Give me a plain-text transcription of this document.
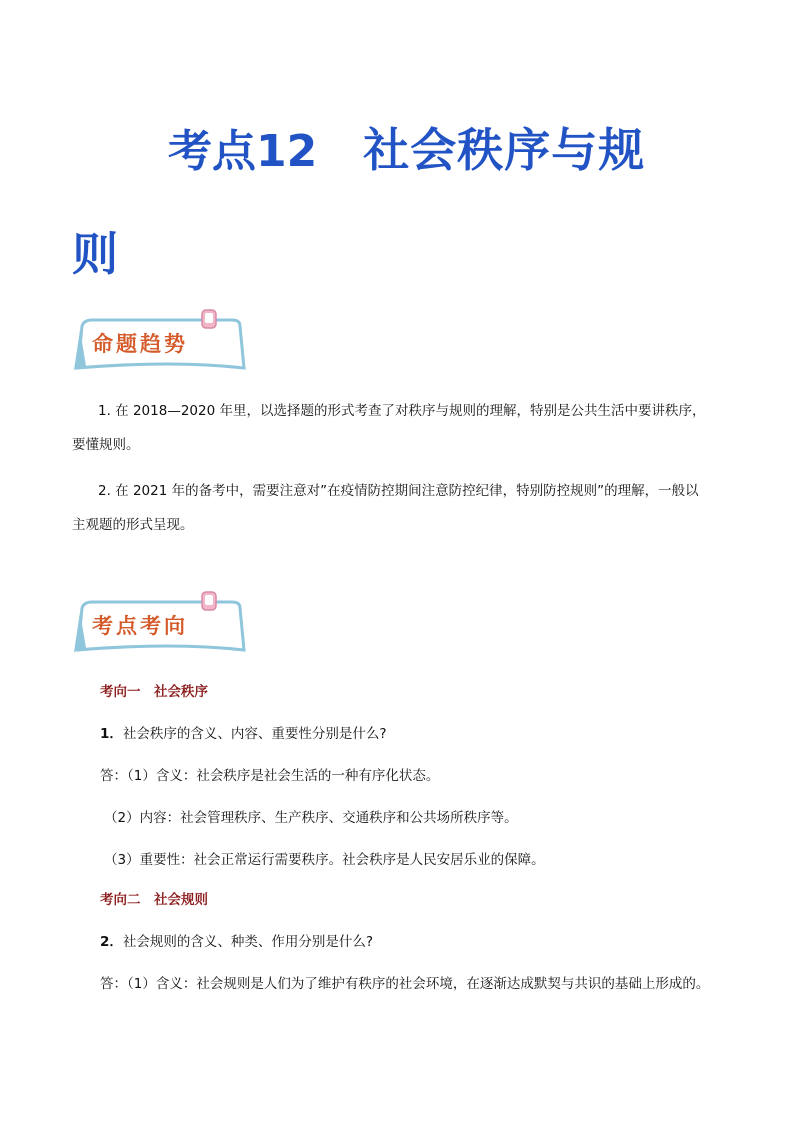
考点12 社会秩序与规
则
命题趋势
1. 在 2018—2020 年里，以选择题的形式考查了对秩序与规则的理解，特别是公共生活中要讲秩序，
要懂规则。
2. 在 2021 年的备考中，需要注意对”在疫情防控期间注意防控纪律，特别防控规则”的理解，一般以
主观题的形式呈现。
考点考向
考向一　社会秩序
1．社会秩序的含义、内容、重要性分别是什么?
答：（1）含义：社会秩序是社会生活的一种有序化状态。
（2）内容：社会管理秩序、生产秩序、交通秩序和公共场所秩序等。
（3）重要性：社会正常运行需要秩序。社会秩序是人民安居乐业的保障。
考向二　社会规则
2．社会规则的含义、种类、作用分别是什么?
答：（1）含义：社会规则是人们为了维护有秩序的社会环境，在逐渐达成默契与共识的基础上形成的。
